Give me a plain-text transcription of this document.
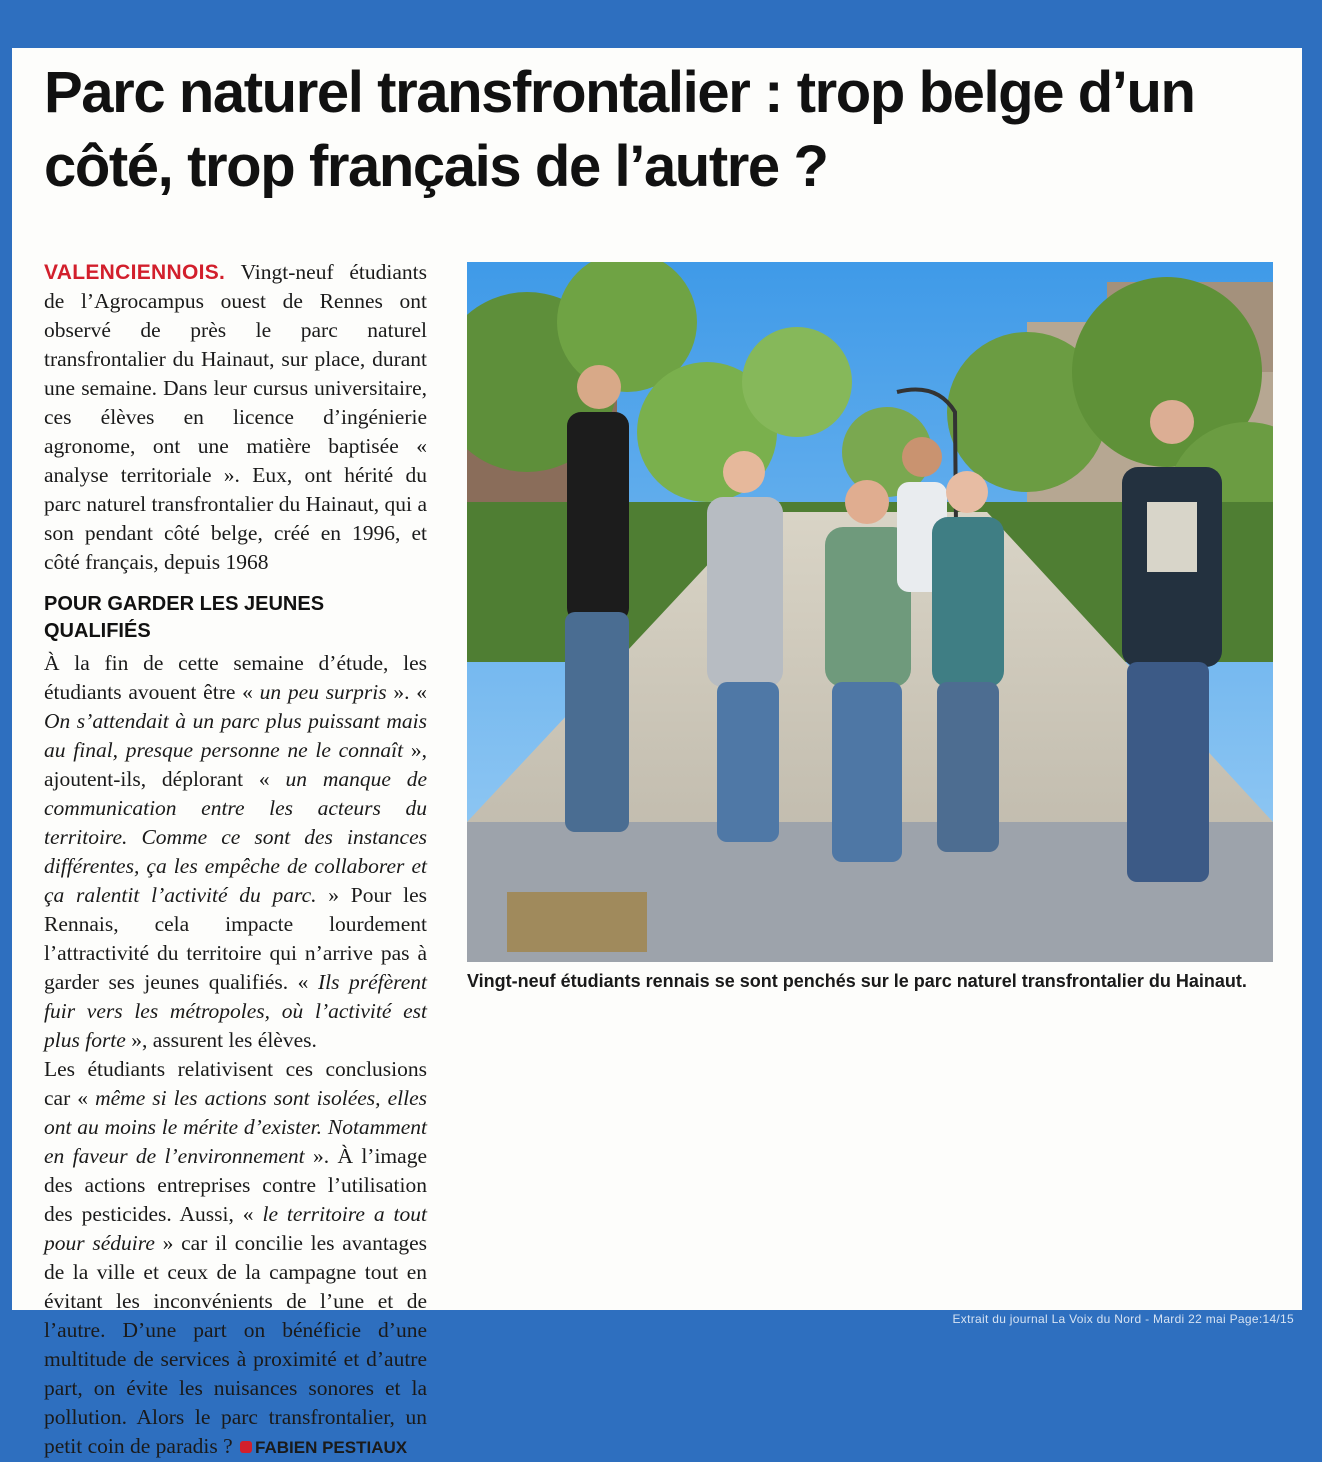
Parc naturel transfrontalier : trop belge d’un côté, trop français de l’autre ?

VALENCIENNOIS. Vingt-neuf étudiants de l’Agrocampus ouest de Rennes ont observé de près le parc naturel transfrontalier du Hainaut, sur place, durant une semaine. Dans leur cursus universitaire, ces élèves en licence d’ingénierie agronome, ont une matière baptisée « analyse territoriale ». Eux, ont hérité du parc naturel transfrontalier du Hainaut, qui a son pendant côté belge, créé en 1996, et côté français, depuis 1968

POUR GARDER LES JEUNES QUALIFIÉS

À la fin de cette semaine d’étude, les étudiants avouent être « un peu surpris ». « On s’attendait à un parc plus puissant mais au final, presque personne ne le connaît », ajoutent-ils, déplorant « un manque de communication entre les acteurs du territoire. Comme ce sont des instances différentes, ça les empêche de collaborer et ça ralentit l’activité du parc. » Pour les Rennais, cela impacte lourdement l’attractivité du territoire qui n’arrive pas à garder ses jeunes qualifiés. « Ils préfèrent fuir vers les métropoles, où l’activité est plus forte », assurent les élèves.

Les étudiants relativisent ces conclusions car « même si les actions sont isolées, elles ont au moins le mérite d’exister. Notamment en faveur de l’environnement ». À l’image des actions entreprises contre l’utilisation des pesticides. Aussi, « le territoire a tout pour séduire » car il concilie les avantages de la ville et ceux de la campagne tout en évitant les inconvénients de l’une et de l’autre. D’une part on bénéficie d’une multitude de services à proximité et d’autre part, on évite les nuisances sonores et la pollution. Alors le parc transfrontalier, un petit coin de paradis ? FABIEN PESTIAUX

Vingt-neuf étudiants rennais se sont penchés sur le parc naturel transfrontalier du Hainaut.

Extrait du journal La Voix du Nord - Mardi 22 mai Page:14/15
